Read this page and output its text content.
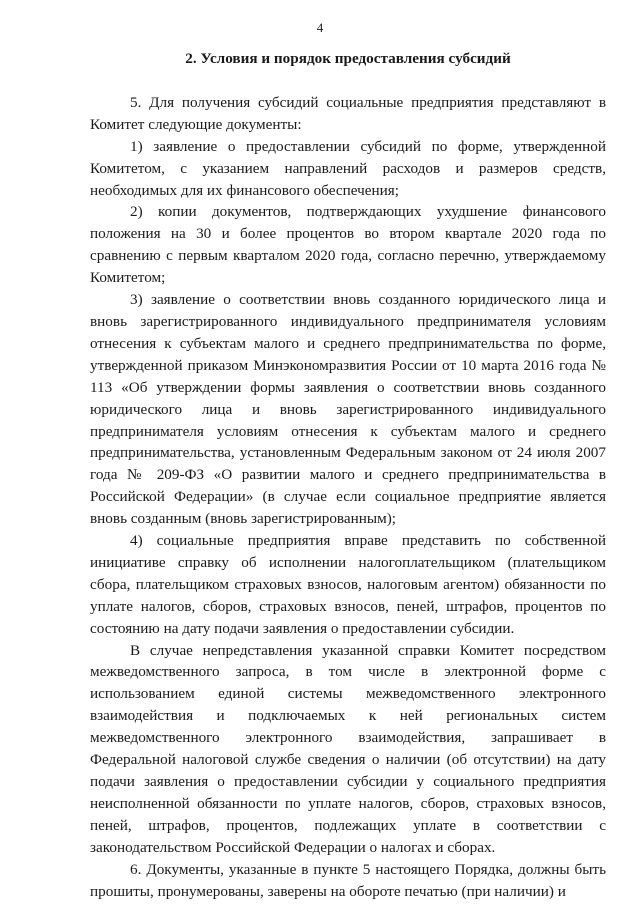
4

2. Условия и порядок предоставления субсидий

5. Для получения субсидий социальные предприятия представляют в Комитет следующие документы:

1) заявление о предоставлении субсидий по форме, утвержденной Комитетом, с указанием направлений расходов и размеров средств, необходимых для их финансового обеспечения;

2) копии документов, подтверждающих ухудшение финансового положения на 30 и более процентов во втором квартале 2020 года по сравнению с первым кварталом 2020 года, согласно перечню, утверждаемому Комитетом;

3) заявление о соответствии вновь созданного юридического лица и вновь зарегистрированного индивидуального предпринимателя условиям отнесения к субъектам малого и среднего предпринимательства по форме, утвержденной приказом Минэкономразвития России от 10 марта 2016 года № 113 «Об утверждении формы заявления о соответствии вновь созданного юридического лица и вновь зарегистрированного индивидуального предпринимателя условиям отнесения к субъектам малого и среднего предпринимательства, установленным Федеральным законом от 24 июля 2007 года № 209-ФЗ «О развитии малого и среднего предпринимательства в Российской Федерации» (в случае если социальное предприятие является вновь созданным (вновь зарегистрированным);

4) социальные предприятия вправе представить по собственной инициативе справку об исполнении налогоплательщиком (плательщиком сбора, плательщиком страховых взносов, налоговым агентом) обязанности по уплате налогов, сборов, страховых взносов, пеней, штрафов, процентов по состоянию на дату подачи заявления о предоставлении субсидии.

В случае непредставления указанной справки Комитет посредством межведомственного запроса, в том числе в электронной форме с использованием единой системы межведомственного электронного взаимодействия и подключаемых к ней региональных систем межведомственного электронного взаимодействия, запрашивает в Федеральной налоговой службе сведения о наличии (об отсутствии) на дату подачи заявления о предоставлении субсидии у социального предприятия неисполненной обязанности по уплате налогов, сборов, страховых взносов, пеней, штрафов, процентов, подлежащих уплате в соответствии с законодательством Российской Федерации о налогах и сборах.

6. Документы, указанные в пункте 5 настоящего Порядка, должны быть прошиты, пронумерованы, заверены на обороте печатью (при наличии) и
